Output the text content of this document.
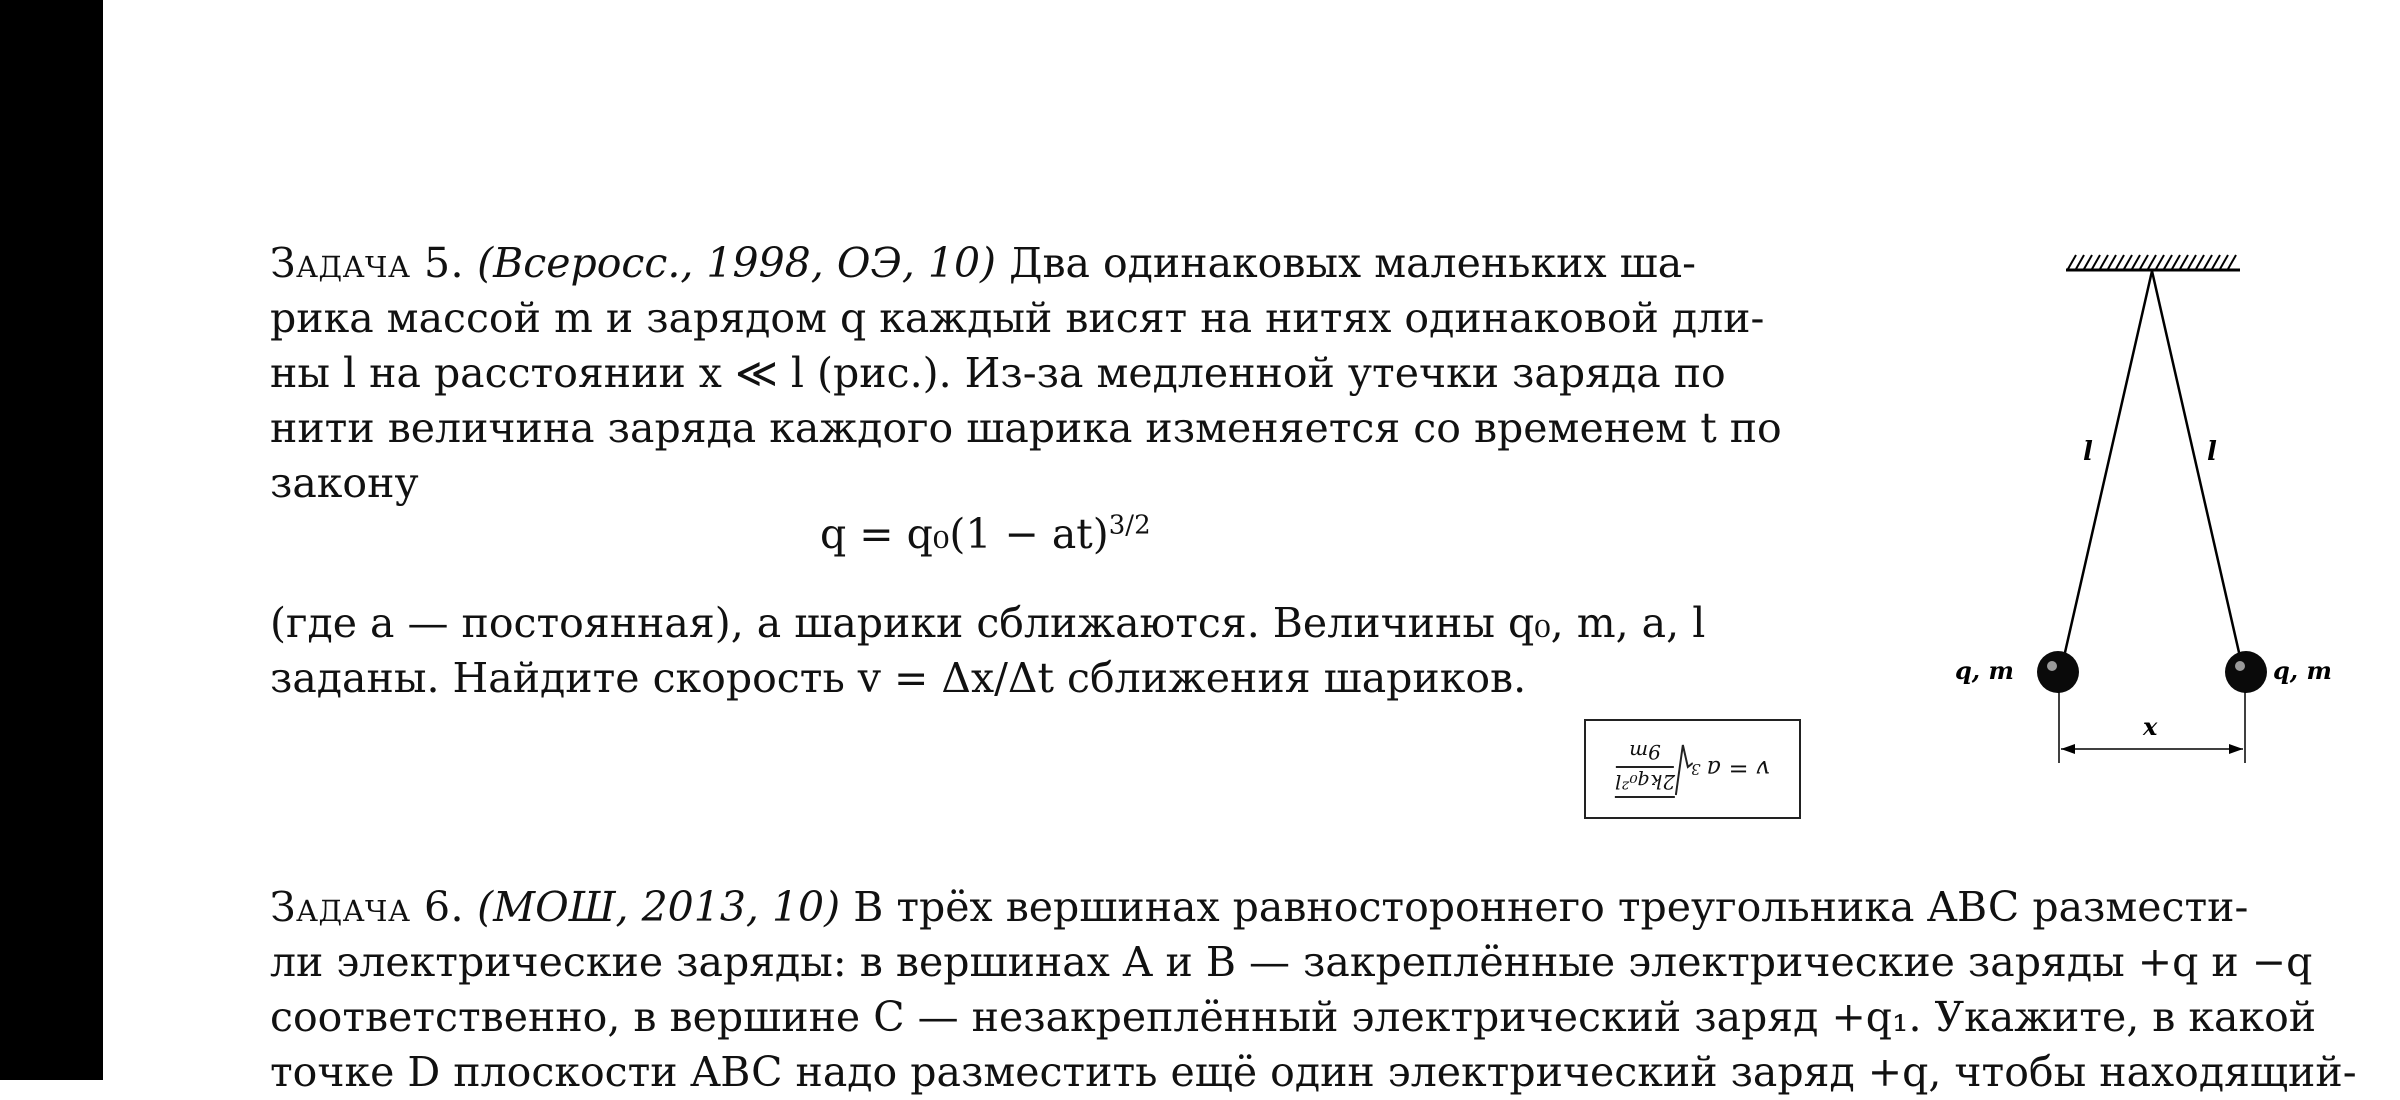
Задача 5. (Всеросс., 1998, ОЭ, 10) Два одинаковых маленьких ша-
рика массой m и зарядом q каждый висят на нитях одинаковой дли-
ны l на расстоянии x ≪ l (рис.). Из-за медленной утечки заряда по
нити величина заряда каждого шарика изменяется со временем t по
закону
q = q₀(1 − at)$^{3/2}$
(где a — постоянная), а шарики сближаются. Величины q₀, m, a, l
заданы. Найдите скорость v = Δx/Δt сближения шариков.
v = a
3
2kq₀²l
9m
l	l
q, m	q, m
x
Задача 6. (МОШ, 2013, 10) В трёх вершинах равностороннего треугольника ABC размести-
ли электрические заряды: в вершинах A и B — закреплённые электрические заряды +q и −q
соответственно, в вершине C — незакреплённый электрический заряд +q₁. Укажите, в какой
точке D плоскости ABC надо разместить ещё один электрический заряд +q, чтобы находящий-
